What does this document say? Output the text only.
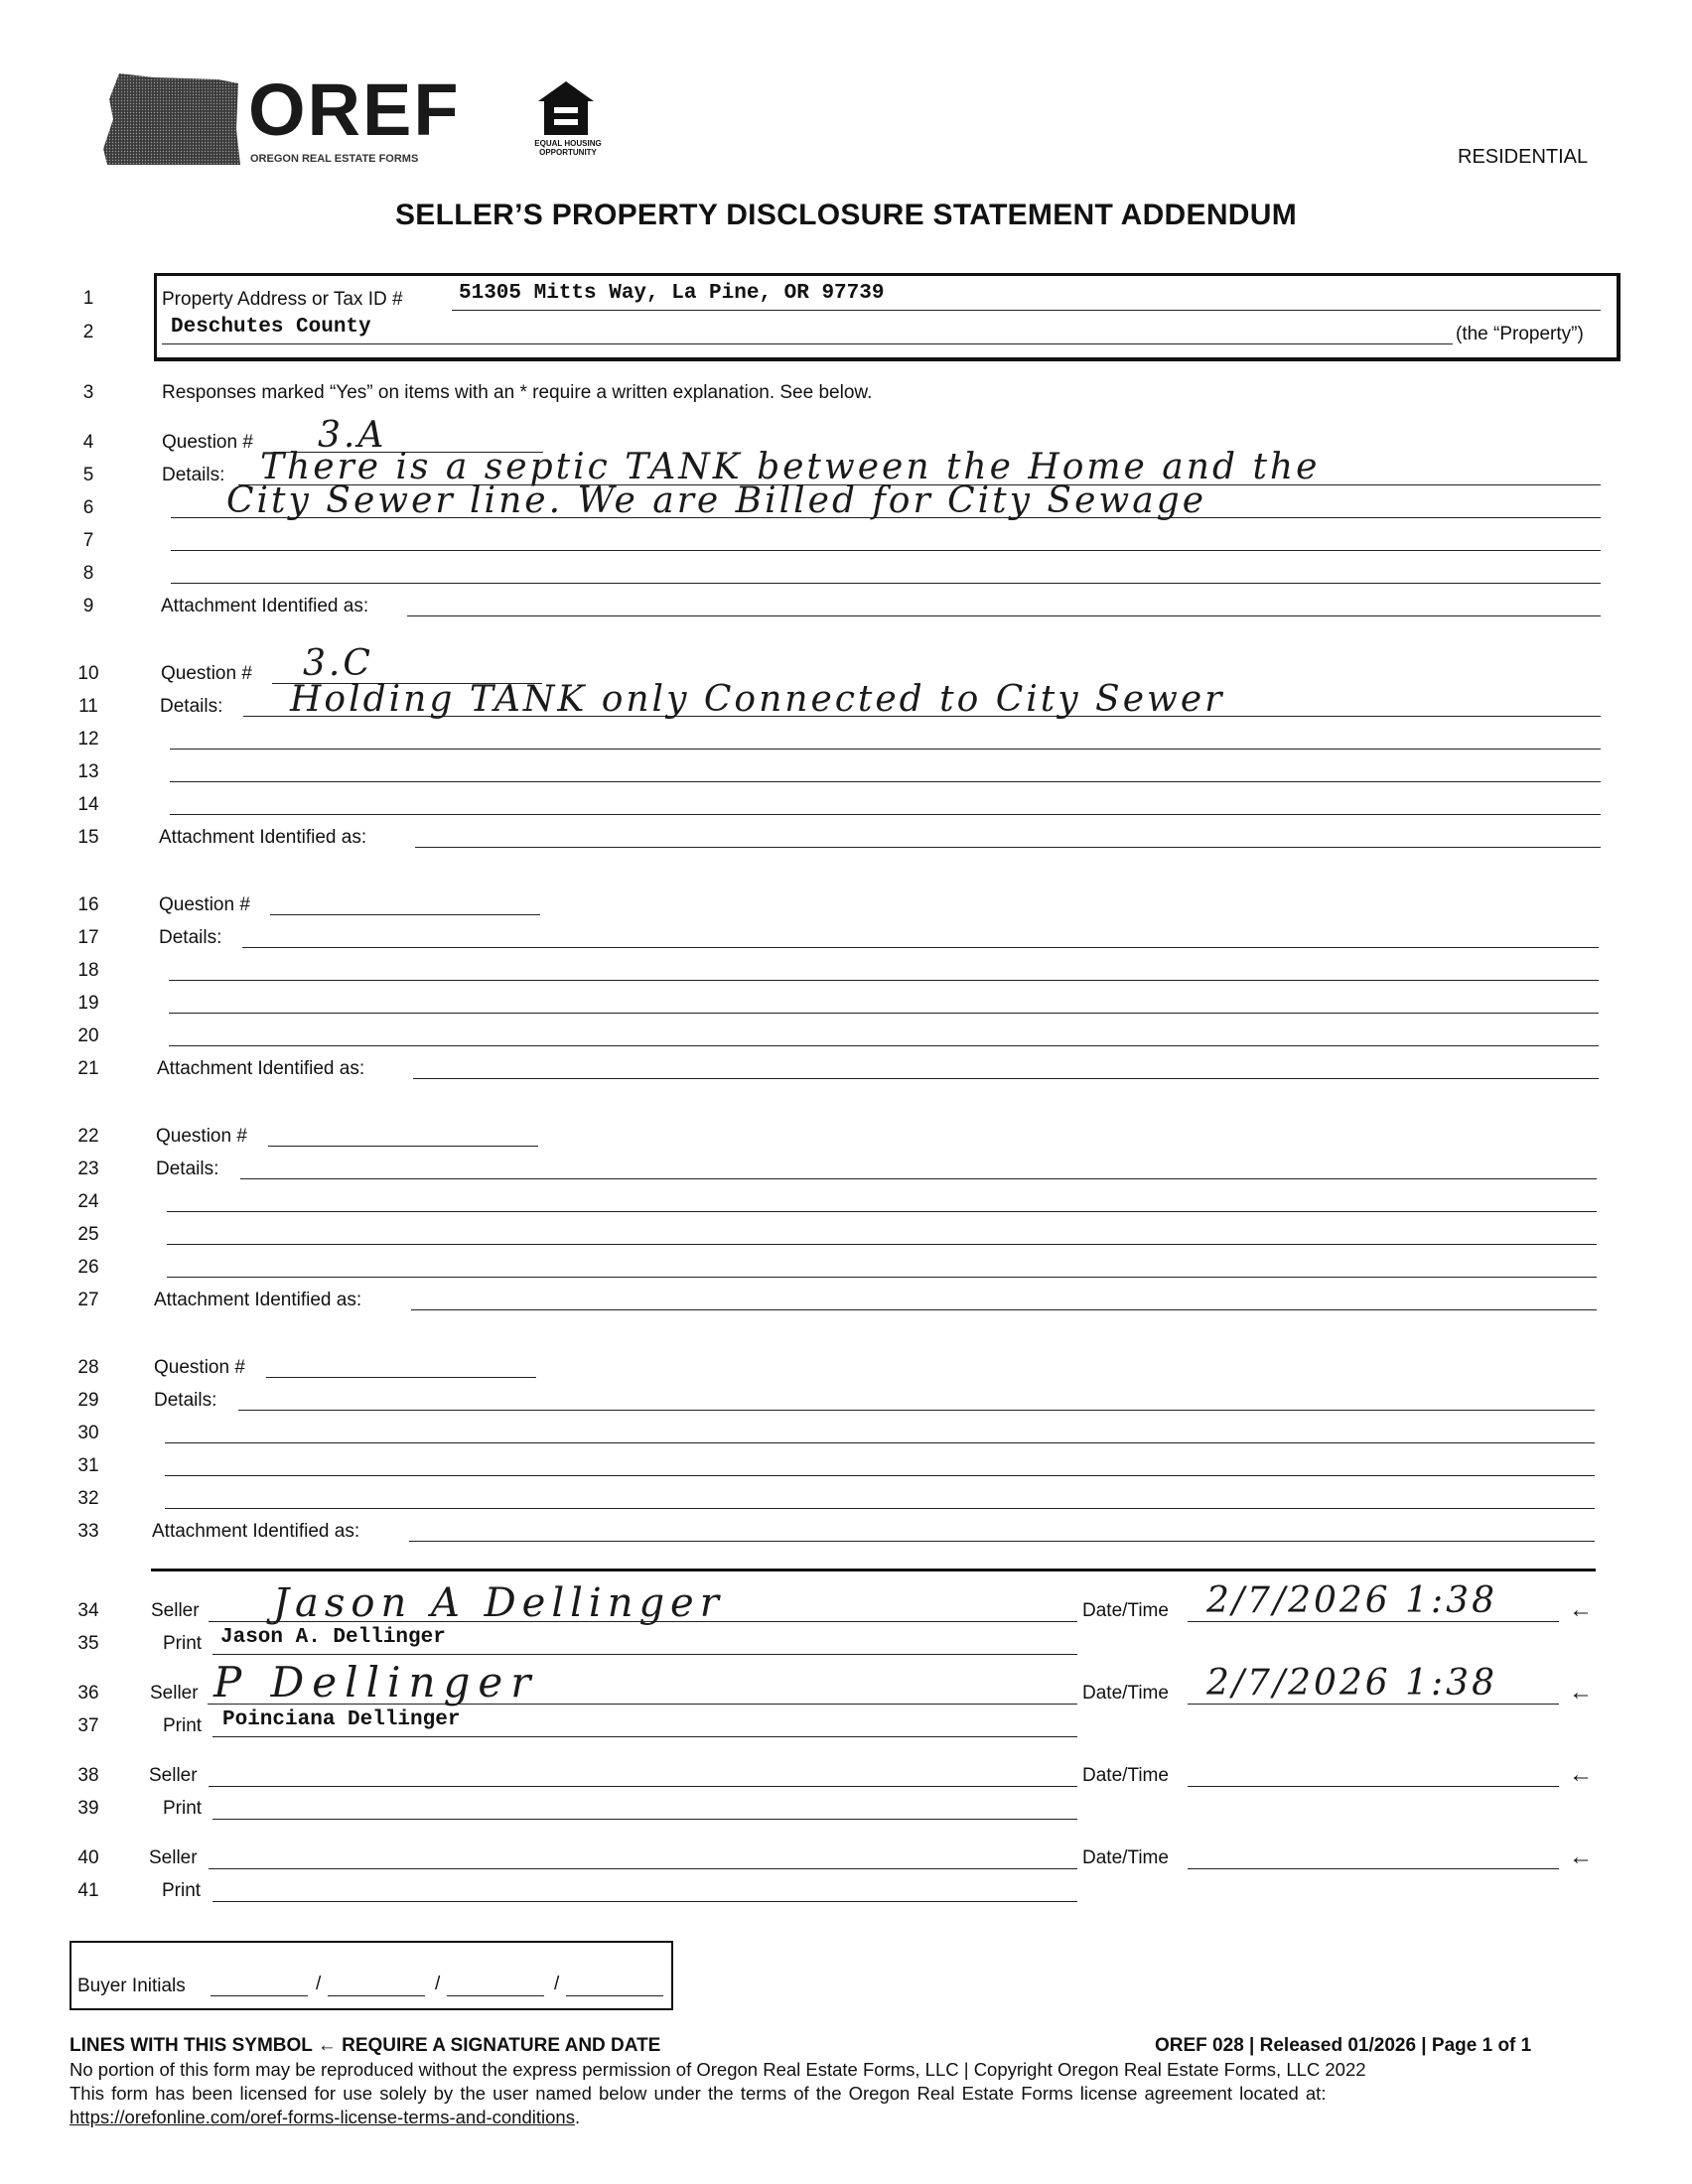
OREF
OREGON REAL ESTATE FORMS
EQUAL HOUSING OPPORTUNITY	RESIDENTIAL
SELLER’S PROPERTY DISCLOSURE STATEMENT ADDENDUM
1
2
Property Address or Tax ID #	51305 Mitts Way, La Pine, OR 97739
Deschutes County	(the “Property”)
3	Responses marked “Yes” on items with an * require a written explanation. See below.
4	Question # 3.A
5	Details: There is a septic TANK between the Home and the
6	City Sewer line. We are Billed for City Sewage
7
8
9	Attachment Identified as:
10	Question # 3.C
11	Details: Holding TANK only Connected to City Sewer
12
13
14
15	Attachment Identified as:
16	Question #
17	Details:
18
19
20
21	Attachment Identified as:
22	Question #
23	Details:
24
25
26
27	Attachment Identified as:
28	Question #
29	Details:
30
31
32
33	Attachment Identified as:
34	Seller Jason A Dellinger	Date/Time 2/7/2026 1:38	←
35	Print Jason A. Dellinger
36	Seller P Dellinger	Date/Time 2/7/2026 1:38	←
37	Print Poinciana Dellinger
38	Seller	Date/Time	←
39	Print
40	Seller	Date/Time	←
41	Print
Buyer Initials	/	/	/
LINES WITH THIS SYMBOL ← REQUIRE A SIGNATURE AND DATE	OREF 028 | Released 01/2026 | Page 1 of 1
No portion of this form may be reproduced without the express permission of Oregon Real Estate Forms, LLC | Copyright Oregon Real Estate Forms, LLC 2022
This form has been licensed for use solely by the user named below under the terms of the Oregon Real Estate Forms license agreement located at:
https://orefonline.com/oref-forms-license-terms-and-conditions.
